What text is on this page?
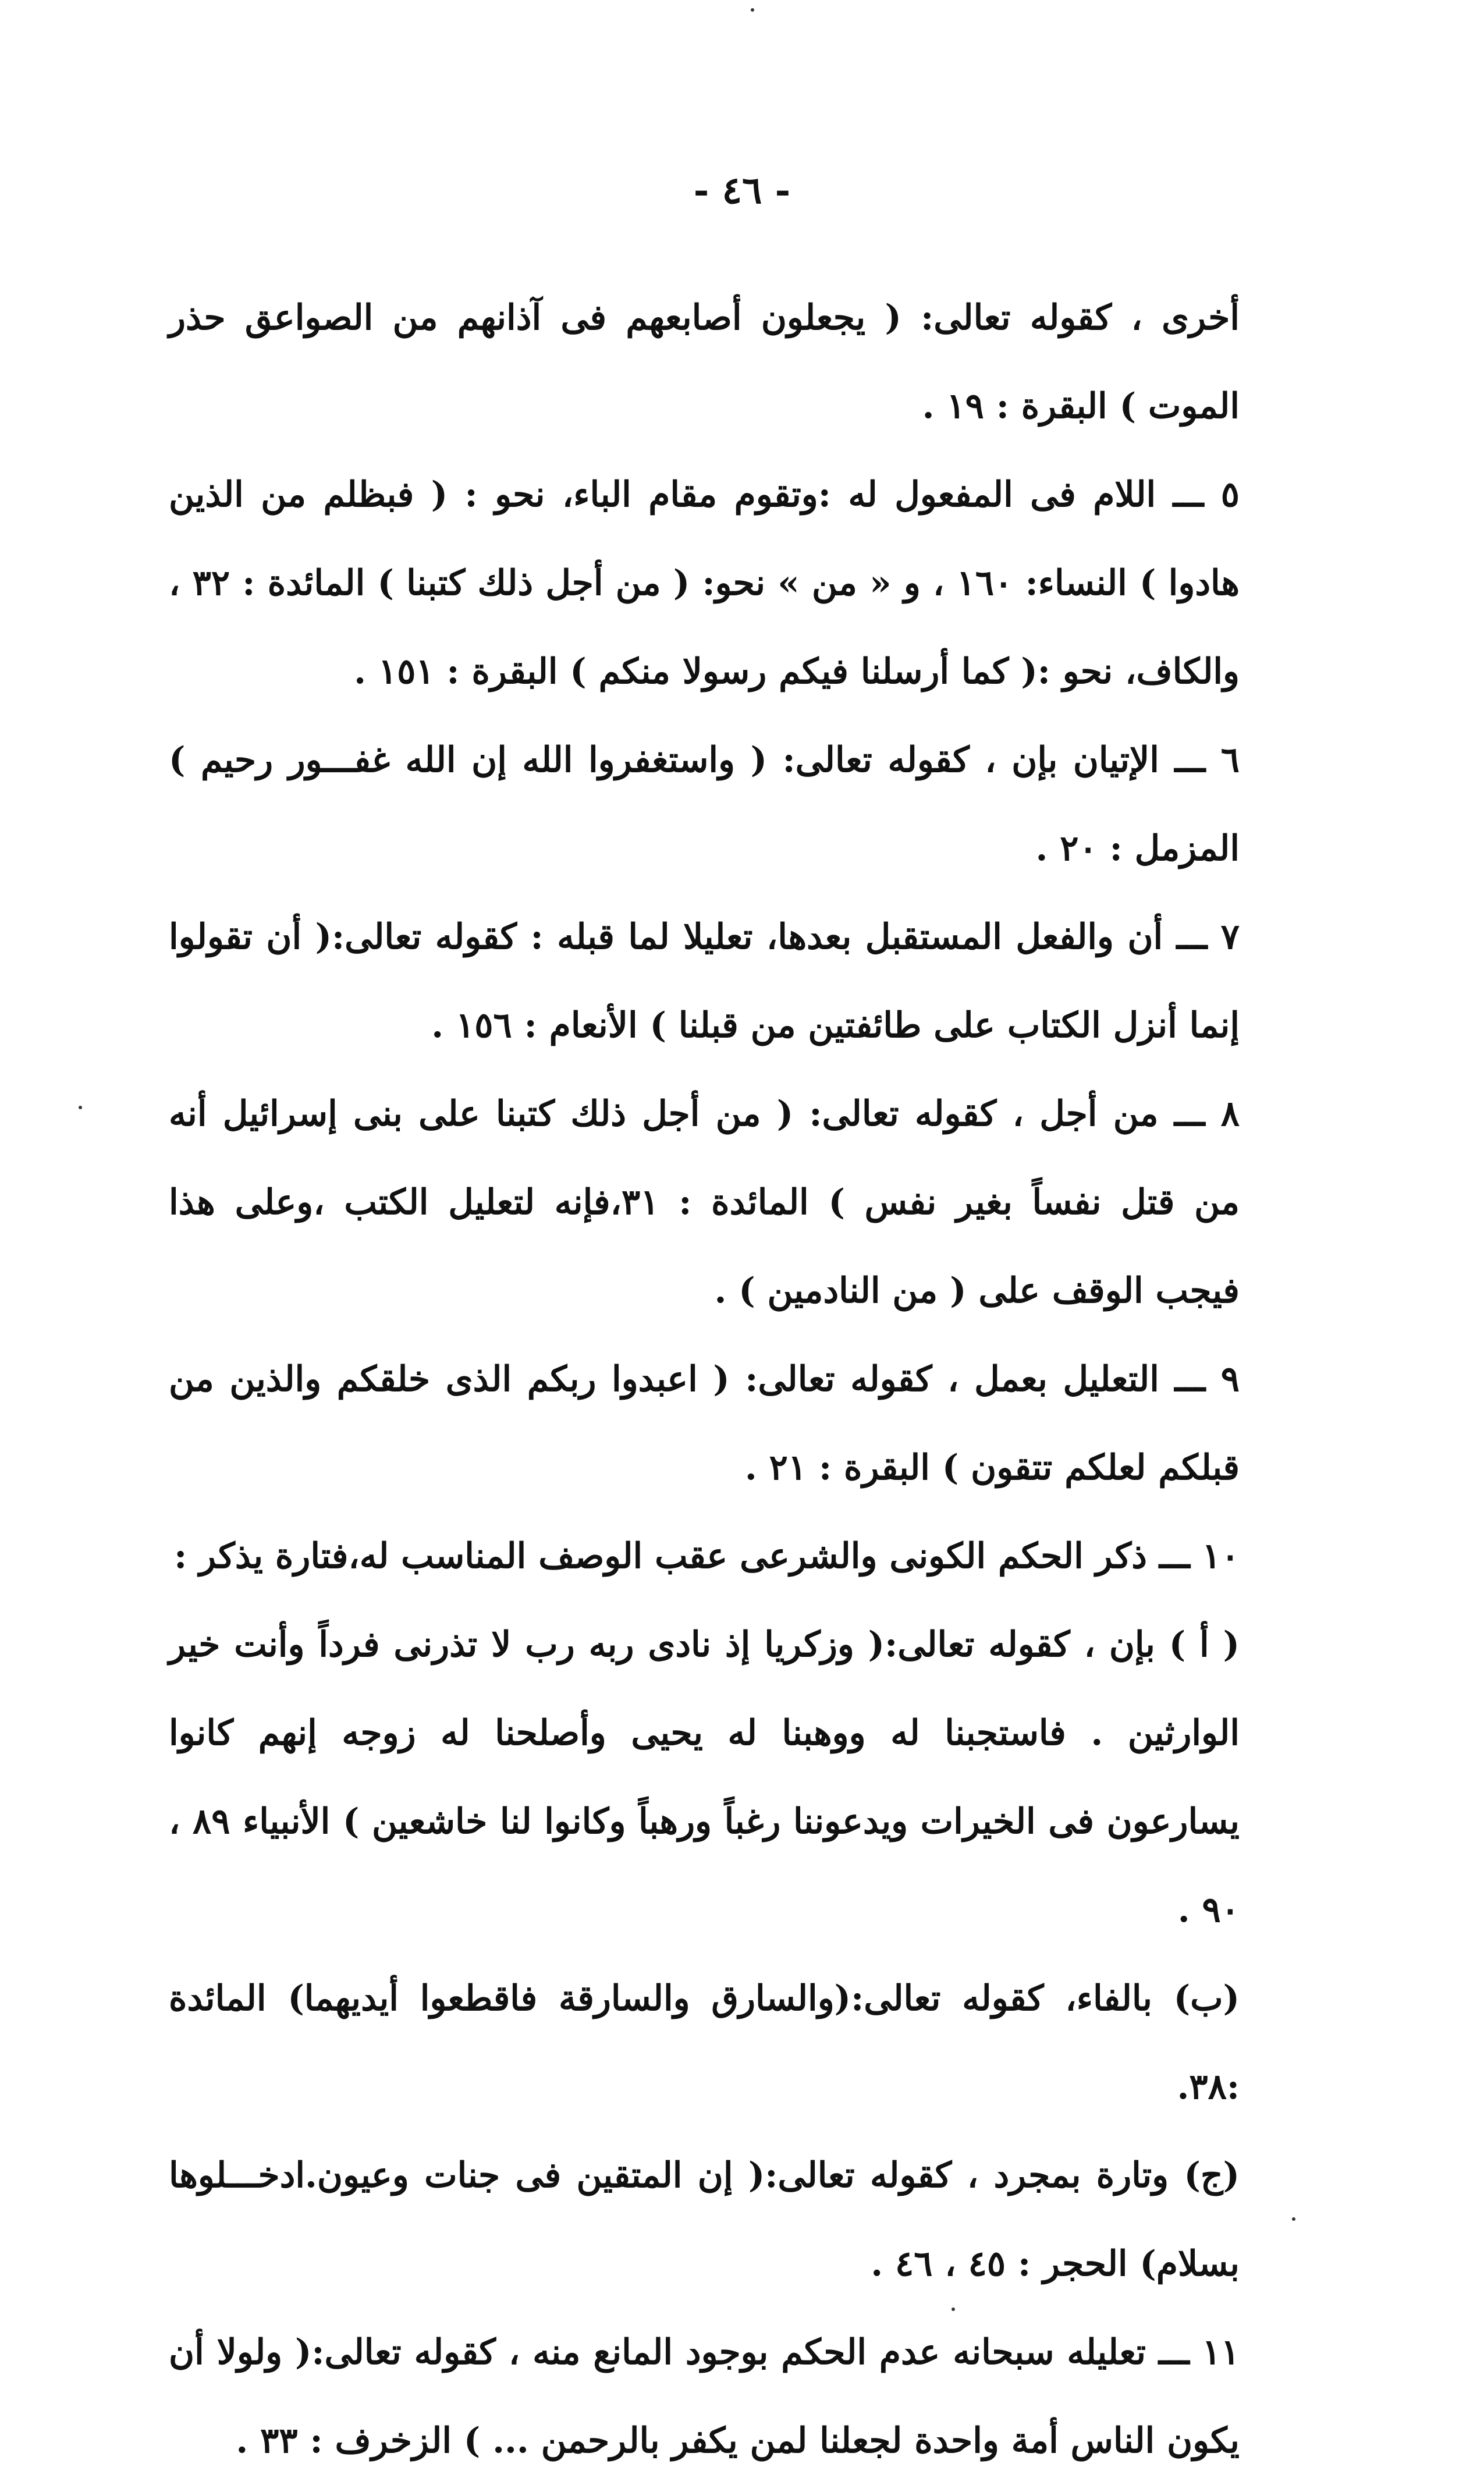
- ٤٦ -

أخرى ، كقوله تعالى: ( يجعلون أصابعهم فى آذانهم من الصواعق حذر الموت ) البقرة : ١٩ .

٥ ـــ اللام فى المفعول له :وتقوم مقام الباء، نحو : ( فبظلم من الذين هادوا ) النساء: ١٦٠ ، و « من » نحو: ( من أجل ذلك كتبنا ) المائدة : ٣٢ ، والكاف، نحو :( كما أرسلنا فيكم رسولا منكم ) البقرة : ١٥١ .

٦ ـــ الإتيان بإن ، كقوله تعالى: ( واستغفروا الله إن الله غفـــور رحيم ) المزمل : ٢٠ .

٧ ـــ أن والفعل المستقبل بعدها، تعليلا لما قبله : كقوله تعالى:( أن تقولوا إنما أنزل الكتاب على طائفتين من قبلنا ) الأنعام : ١٥٦ .

٨ ـــ من أجل ، كقوله تعالى: ( من أجل ذلك كتبنا على بنى إسرائيل أنه من قتل نفساً بغير نفس ) المائدة : ٣١،فإنه لتعليل الكتب ،وعلى هذا فيجب الوقف على ( من النادمين ) .

٩ ـــ التعليل بعمل ، كقوله تعالى: ( اعبدوا ربكم الذى خلقكم والذين من قبلكم لعلكم تتقون ) البقرة : ٢١ .

١٠ ـــ ذكر الحكم الكونى والشرعى عقب الوصف المناسب له،فتارة يذكر :

( أ ) بإن ، كقوله تعالى:( وزكريا إذ نادى ربه رب لا تذرنى فرداً وأنت خير الوارثين . فاستجبنا له ووهبنا له يحيى وأصلحنا له زوجه إنهم كانوا يسارعون فى الخيرات ويدعوننا رغباً ورهباً وكانوا لنا خاشعين ) الأنبياء ٨٩ ، ٩٠ .

(ب) بالفاء، كقوله تعالى:(والسارق والسارقة فاقطعوا أيديهما) المائدة :٣٨.

(ج) وتارة بمجرد ، كقوله تعالى:( إن المتقين فى جنات وعيون.ادخـــلوها بسلام) الحجر : ٤٥ ، ٤٦ .

١١ ـــ تعليله سبحانه عدم الحكم بوجود المانع منه ، كقوله تعالى:( ولولا أن يكون الناس أمة واحدة لجعلنا لمن يكفر بالرحمن ... ) الزخرف : ٣٣ .
